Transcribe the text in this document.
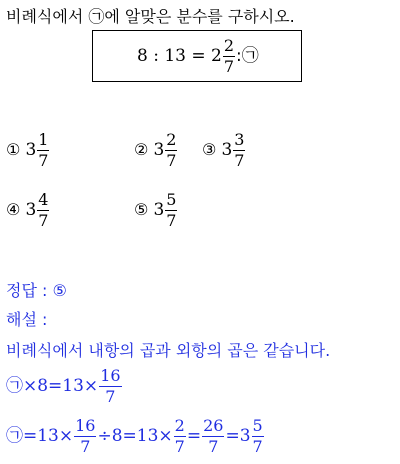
비례식에서 ㉠에 알맞은 분수를 구하시오.
8 : $13 = 2 \frac{2}{7}$ :㉠
① $3 \frac{1}{7}$	② $3 \frac{2}{7}$ ③ $3 \frac{3}{7}$
④ $3 \frac{4}{7}$	⑤ $3 \frac{5}{7}$
정답 : ⑤
해설 :
비례식에서 내항의 곱과 외항의 곱은 같습니다.
㉠×8=13× $\frac{16}{7}$
㉠=13× $\frac{16}{7} \div 8=13\times \frac{2}{7} = \frac{26}{7} =3 \frac{5}{7}$
